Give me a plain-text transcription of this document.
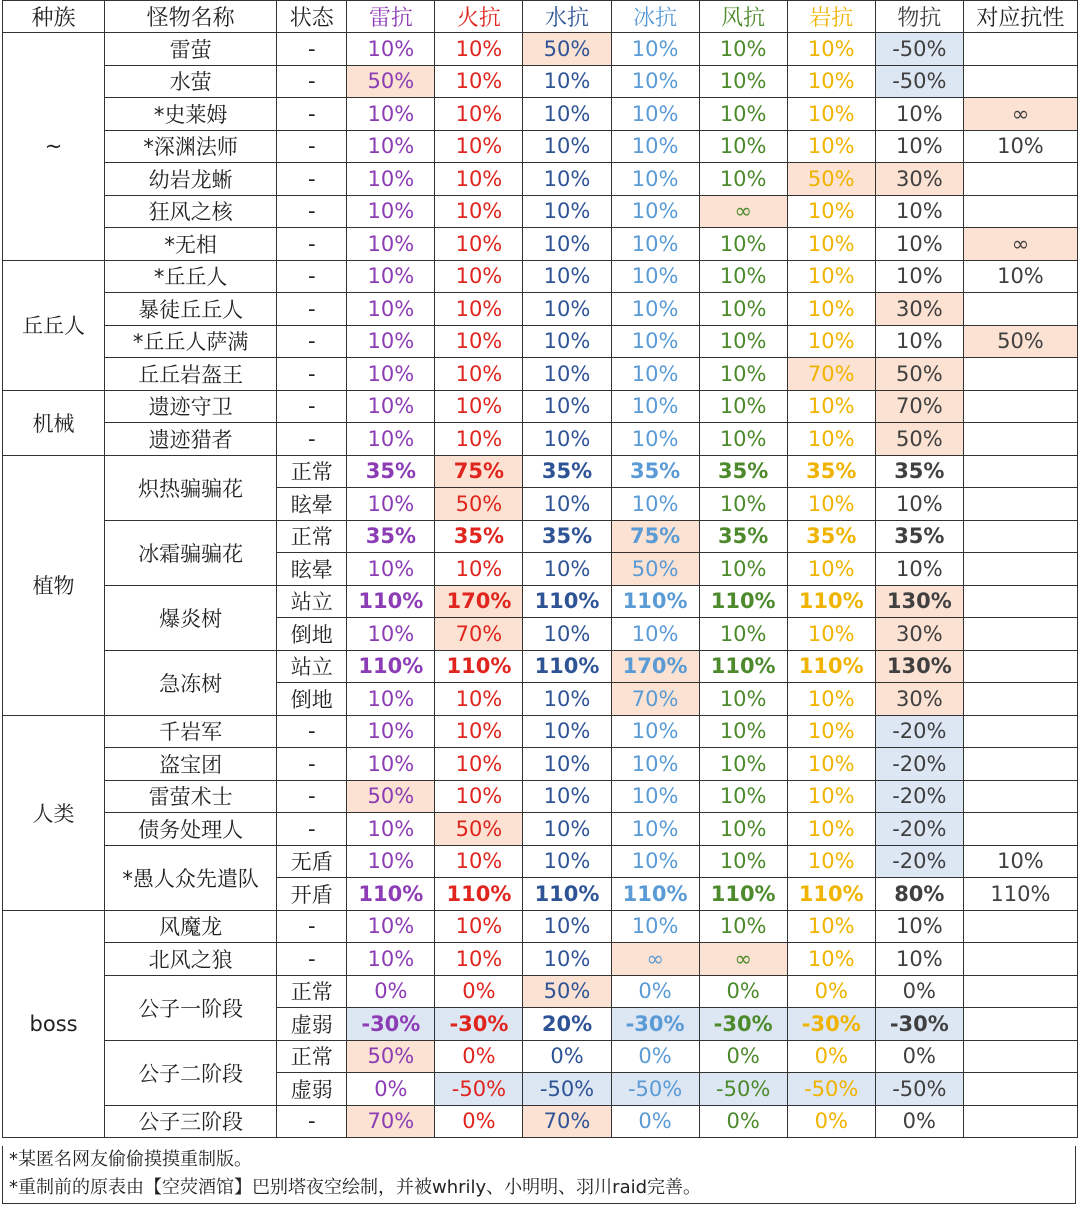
种族	怪物名称	状态	雷抗	火抗	水抗	冰抗	风抗	岩抗	物抗	对应抗性
~	雷萤	-	10%	10%	50%	10%	10%	10%	-50%	
	水萤	-	50%	10%	10%	10%	10%	10%	-50%	
	*史莱姆	-	10%	10%	10%	10%	10%	10%	10%	∞
	*深渊法师	-	10%	10%	10%	10%	10%	10%	10%	10%
	幼岩龙蜥	-	10%	10%	10%	10%	10%	50%	30%	
	狂风之核	-	10%	10%	10%	10%	∞	10%	10%	
	*无相	-	10%	10%	10%	10%	10%	10%	10%	∞
丘丘人	*丘丘人	-	10%	10%	10%	10%	10%	10%	10%	10%
	暴徒丘丘人	-	10%	10%	10%	10%	10%	10%	30%	
	*丘丘人萨满	-	10%	10%	10%	10%	10%	10%	10%	50%
	丘丘岩盔王	-	10%	10%	10%	10%	10%	70%	50%	
机械	遗迹守卫	-	10%	10%	10%	10%	10%	10%	70%	
	遗迹猎者	-	10%	10%	10%	10%	10%	10%	50%	
植物	炽热骗骗花	正常	35%	75%	35%	35%	35%	35%	35%	
		眩晕	10%	50%	10%	10%	10%	10%	10%	
	冰霜骗骗花	正常	35%	35%	35%	75%	35%	35%	35%	
		眩晕	10%	10%	10%	50%	10%	10%	10%	
	爆炎树	站立	110%	170%	110%	110%	110%	110%	130%	
		倒地	10%	70%	10%	10%	10%	10%	30%	
	急冻树	站立	110%	110%	110%	170%	110%	110%	130%	
		倒地	10%	10%	10%	70%	10%	10%	30%	
人类	千岩军	-	10%	10%	10%	10%	10%	10%	-20%	
	盗宝团	-	10%	10%	10%	10%	10%	10%	-20%	
	雷萤术士	-	50%	10%	10%	10%	10%	10%	-20%	
	债务处理人	-	10%	50%	10%	10%	10%	10%	-20%	
	*愚人众先遣队	无盾	10%	10%	10%	10%	10%	10%	-20%	10%
		开盾	110%	110%	110%	110%	110%	110%	80%	110%
boss	风魔龙	-	10%	10%	10%	10%	10%	10%	10%	
	北风之狼	-	10%	10%	10%	∞	∞	10%	10%	
	公子一阶段	正常	0%	0%	50%	0%	0%	0%	0%	
		虚弱	-30%	-30%	20%	-30%	-30%	-30%	-30%	
	公子二阶段	正常	50%	0%	0%	0%	0%	0%	0%	
		虚弱	0%	-50%	-50%	-50%	-50%	-50%	-50%	
	公子三阶段	-	70%	0%	70%	0%	0%	0%	0%	
*某匿名网友偷偷摸摸重制版。
*重制前的原表由【空荧酒馆】巴别塔夜空绘制，并被whrily、小明明、羽川raid完善。
